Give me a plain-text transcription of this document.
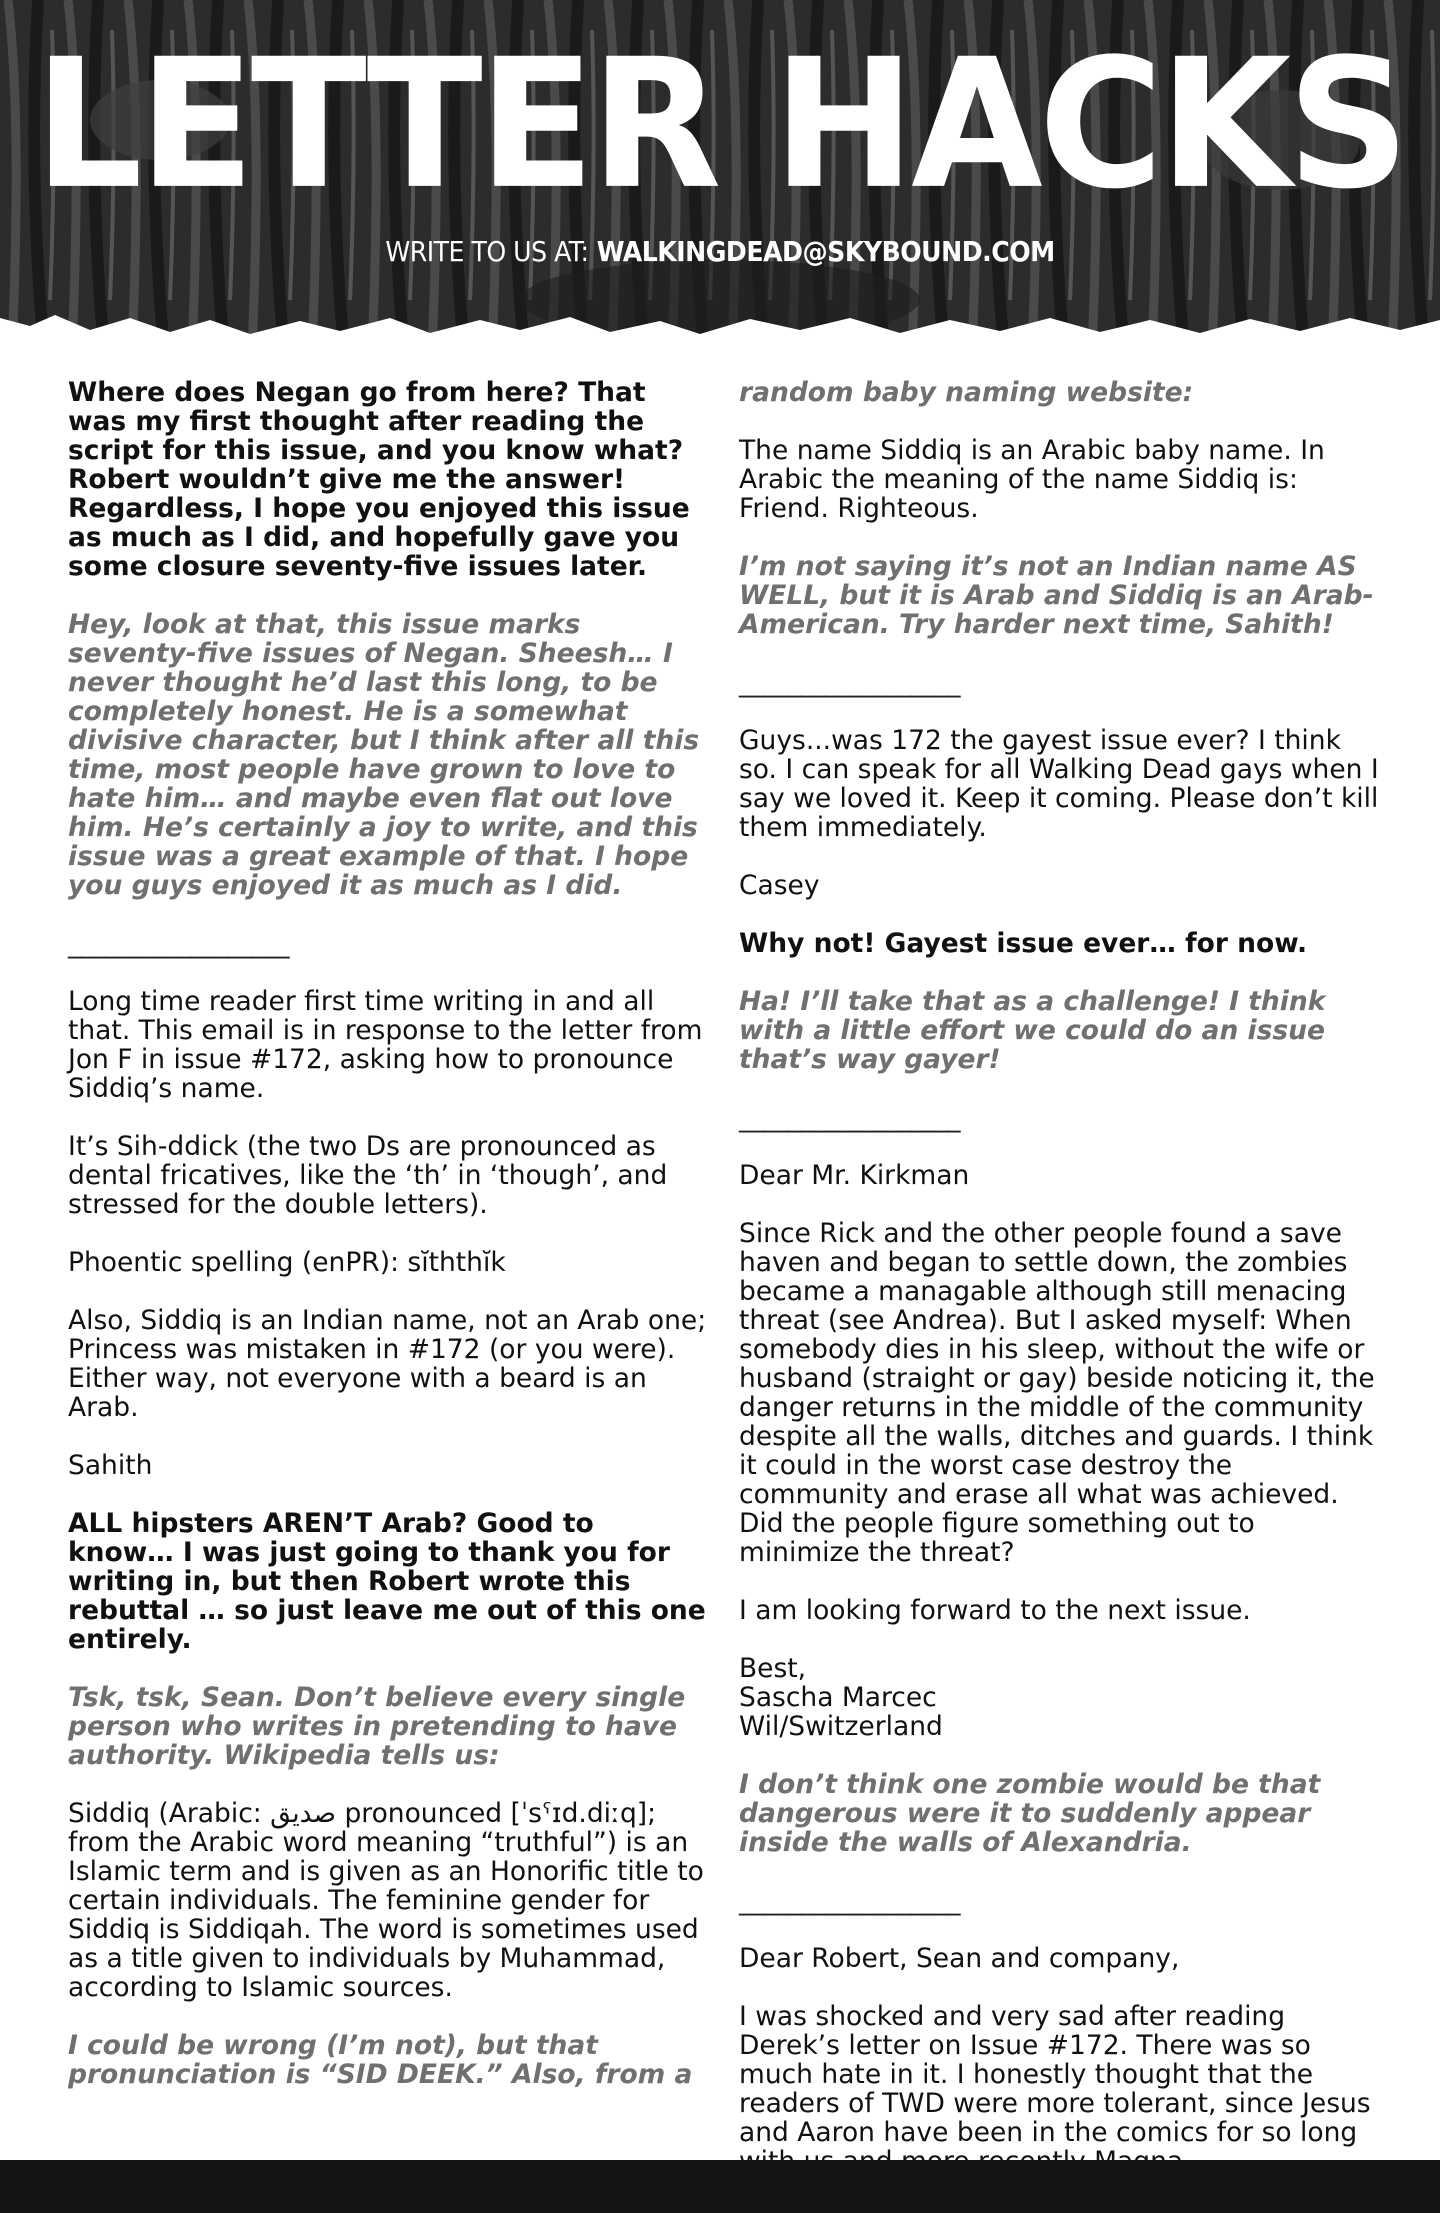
LETTER HACKS
WRITE TO US AT: WALKINGDEAD@SKYBOUND.COM

Where does Negan go from here? That was my first thought after reading the script for this issue, and you know what? Robert wouldn’t give me the answer! Regardless, I hope you enjoyed this issue as much as I did, and hopefully gave you some closure seventy-five issues later.

Hey, look at that, this issue marks seventy-five issues of Negan. Sheesh… I never thought he’d last this long, to be completely honest. He is a somewhat divisive character, but I think after all this time, most people have grown to love to hate him… and maybe even flat out love him. He’s certainly a joy to write, and this issue was a great example of that. I hope you guys enjoyed it as much as I did.

__________________

Long time reader first time writing in and all that. This email is in response to the letter from Jon F in issue #172, asking how to pronounce Siddiq’s name.

It’s Sih-ddick (the two Ds are pronounced as dental fricatives, like the ‘th’ in ‘though’, and stressed for the double letters).

Phoentic spelling (enPR): sĭththĭk

Also, Siddiq is an Indian name, not an Arab one; Princess was mistaken in #172 (or you were). Either way, not everyone with a beard is an Arab.

Sahith

ALL hipsters AREN’T Arab? Good to know… I was just going to thank you for writing in, but then Robert wrote this rebuttal … so just leave me out of this one entirely.

Tsk, tsk, Sean. Don’t believe every single person who writes in pretending to have authority. Wikipedia tells us:

Siddiq (Arabic: صديق pronounced [ˈsˤɪd.diːq]; from the Arabic word meaning “truthful”) is an Islamic term and is given as an Honorific title to certain individuals. The feminine gender for Siddiq is Siddiqah. The word is sometimes used as a title given to individuals by Muhammad, according to Islamic sources.

I could be wrong (I’m not), but that pronunciation is “SID DEEK.” Also, from a

random baby naming website:

The name Siddiq is an Arabic baby name. In Arabic the meaning of the name Siddiq is: Friend. Righteous.

I’m not saying it’s not an Indian name AS WELL, but it is Arab and Siddiq is an Arab-American. Try harder next time, Sahith!

__________________

Guys...was 172 the gayest issue ever? I think so. I can speak for all Walking Dead gays when I say we loved it. Keep it coming. Please don’t kill them immediately.

Casey

Why not! Gayest issue ever… for now.

Ha! I’ll take that as a challenge! I think with a little effort we could do an issue that’s way gayer!

__________________

Dear Mr. Kirkman

Since Rick and the other people found a save haven and began to settle down, the zombies became a managable although still menacing threat (see Andrea). But I asked myself: When somebody dies in his sleep, without the wife or husband (straight or gay) beside noticing it, the danger returns in the middle of the community despite all the walls, ditches and guards. I think it could in the worst case destroy the community and erase all what was achieved. Did the people figure something out to minimize the threat?

I am looking forward to the next issue.

Best,
Sascha Marcec
Wil/Switzerland

I don’t think one zombie would be that dangerous were it to suddenly appear inside the walls of Alexandria.

__________________

Dear Robert, Sean and company,

I was shocked and very sad after reading Derek’s letter on Issue #172. There was so much hate in it. I honestly thought that the readers of TWD were more tolerant, since Jesus and Aaron have been in the comics for so long
